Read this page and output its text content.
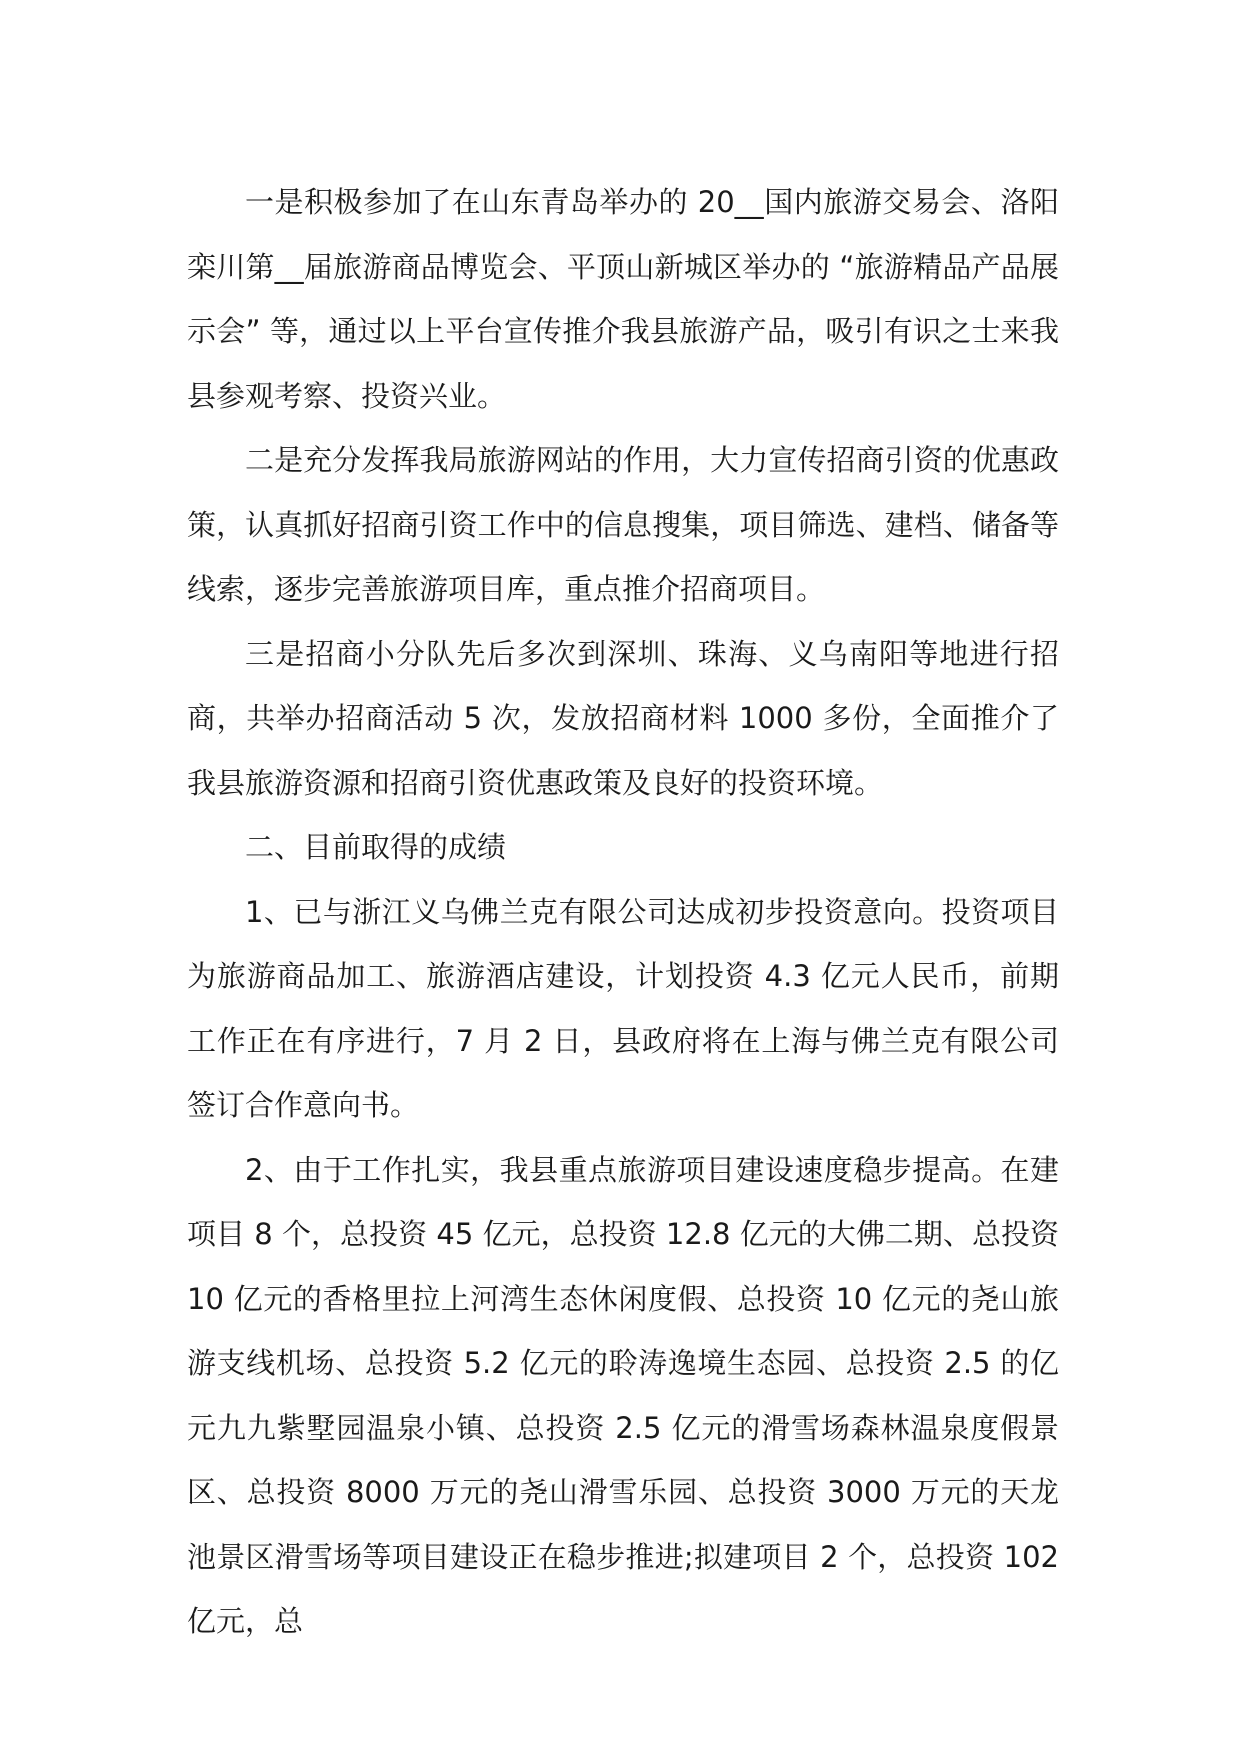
一是积极参加了在山东青岛举办的 20__国内旅游交易会、洛阳栾川第__届旅游商品博览会、平顶山新城区举办的 “旅游精品产品展示会” 等，通过以上平台宣传推介我县旅游产品，吸引有识之士来我县参观考察、投资兴业。

二是充分发挥我局旅游网站的作用，大力宣传招商引资的优惠政策，认真抓好招商引资工作中的信息搜集，项目筛选、建档、储备等线索，逐步完善旅游项目库，重点推介招商项目。

三是招商小分队先后多次到深圳、珠海、义乌南阳等地进行招商，共举办招商活动 5 次，发放招商材料 1000 多份，全面推介了我县旅游资源和招商引资优惠政策及良好的投资环境。

二、目前取得的成绩

1、已与浙江义乌佛兰克有限公司达成初步投资意向。投资项目为旅游商品加工、旅游酒店建设，计划投资 4.3 亿元人民币，前期工作正在有序进行，7 月 2 日，县政府将在上海与佛兰克有限公司签订合作意向书。

2、由于工作扎实，我县重点旅游项目建设速度稳步提高。在建项目 8 个，总投资 45 亿元，总投资 12.8 亿元的大佛二期、总投资 10 亿元的香格里拉上河湾生态休闲度假、总投资 10 亿元的尧山旅游支线机场、总投资 5.2 亿元的聆涛逸境生态园、总投资 2.5 的亿元九九紫墅园温泉小镇、总投资 2.5 亿元的滑雪场森林温泉度假景区、总投资 8000 万元的尧山滑雪乐园、总投资 3000 万元的天龙池景区滑雪场等项目建设正在稳步推进;拟建项目 2 个，总投资 102 亿元，总
